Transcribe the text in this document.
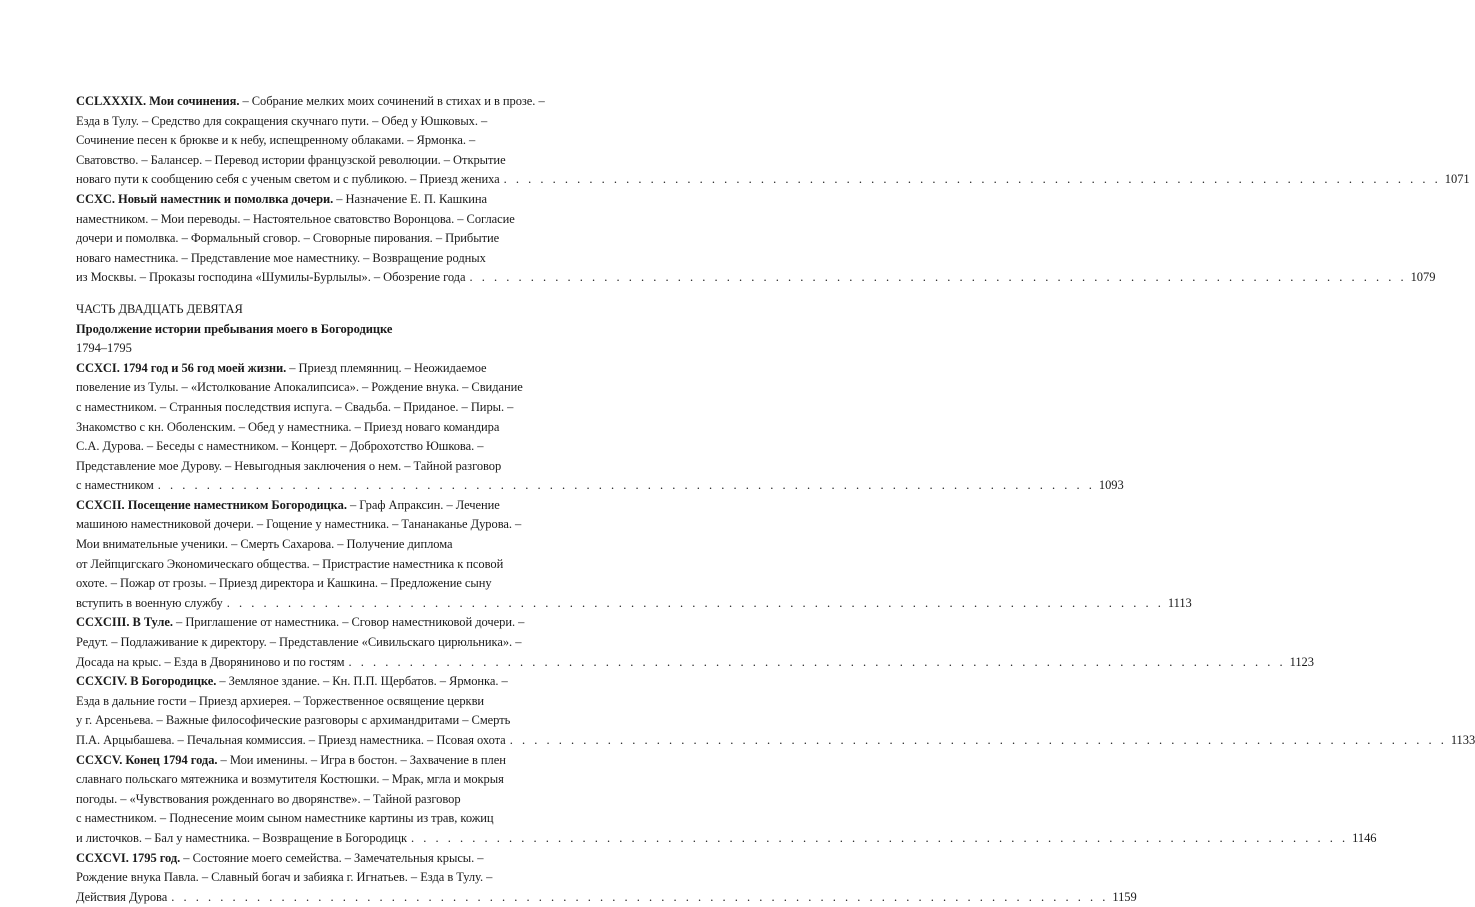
CCLXXXIX. Мои сочинения. – Собрание мелких моих сочинений в стихах и в прозе. –
Езда в Тулу. – Средство для сокращения скучнаго пути. – Обед у Юшковых. –
Сочинение песен к брюкве и к небу, испещренному облаками. – Ярмонка. –
Сватовство. – Балансер. – Перевод истории французской революции. – Открытие
новаго пути к сообщению себя с ученым светом и с публикою. – Приезд жениха . . . . . . . . . . . . . . . . . . . . . . . . . . . . . . . . . . . . . . . . . . . . . . . . . . . . . . . . . . . . . . . . . . . . . . . . . . . . . 1071
CCXC. Новый наместник и помолвка дочери. – Назначение Е. П. Кашкина
наместником. – Мои переводы. – Настоятельное сватовство Воронцова. – Согласие
дочери и помолвка. – Формальный сговор. – Сговорные пирования. – Прибытие
новаго наместника. – Представление мое наместнику. – Возвращение родных
из Москвы. – Проказы господина «Шумилы-Бурлылы». – Обозрение года . . . . . . . . . . . . . . . . . . . . . . . . . . . . . . . . . . . . . . . . . . . . . . . . . . . . . . . . . . . . . . . . . . . . . . . . . . . . . 1079
ЧАСТЬ ДВАДЦАТЬ ДЕВЯТАЯ
Продолжение истории пребывания моего в Богородицке
1794–1795
CCXCI. 1794 год и 56 год моей жизни. – Приезд племянниц. – Неожидаемое
повеление из Тулы. – «Истолкование Апокалипсиса». – Рождение внука. – Свидание
с наместником. – Странныя последствия испуга. – Свадьба. – Приданое. – Пиры. –
Знакомство с кн. Оболенским. – Обед у наместника. – Приезд новаго командира
С.А. Дурова. – Беседы с наместником. – Концерт. – Доброхотство Юшкова. –
Представление мое Дурову. – Невыгодныя заключения о нем. – Тайной разговор
с наместником . . . . . . . . . . . . . . . . . . . . . . . . . . . . . . . . . . . . . . . . . . . . . . . . . . . . . . . . . . . . . . . . . . . . . . . . . . . . . 1093
CCXCII. Посещение наместником Богородицка. – Граф Апраксин. – Лечение
машиною наместниковой дочери. – Гощение у наместника. – Тананаканье Дурова. –
Мои внимательные ученики. – Смерть Сахарова. – Получение диплома
от Лейпцигскаго Экономическаго общества. – Пристрастие наместника к псовой
охоте. – Пожар от грозы. – Приезд директора и Кашкина. – Предложение сыну
вступить в военную службу . . . . . . . . . . . . . . . . . . . . . . . . . . . . . . . . . . . . . . . . . . . . . . . . . . . . . . . . . . . . . . . . . . . . . . . . . . . . . 1113
CCXCIII. В Туле. – Приглашение от наместника. – Сговор наместниковой дочери. –
Редут. – Подлаживание к директору. – Представление «Сивильскаго цирюльника». –
Досада на крыс. – Езда в Дворяниново и по гостям . . . . . . . . . . . . . . . . . . . . . . . . . . . . . . . . . . . . . . . . . . . . . . . . . . . . . . . . . . . . . . . . . . . . . . . . . . . . . 1123
CCXCIV. В Богородицке. – Земляное здание. – Кн. П.П. Щербатов. – Ярмонка. –
Езда в дальние гости – Приезд архиерея. – Торжественное освящение церкви
у г. Арсеньева. – Важные философические разговоры с архимандритами – Смерть
П.А. Арцыбашева. – Печальная коммиссия. – Приезд наместника. – Псовая охота . . . . . . . . . . . . . . . . . . . . . . . . . . . . . . . . . . . . . . . . . . . . . . . . . . . . . . . . . . . . . . . . . . . . . . . . . . . . . 1133
CCXCV. Конец 1794 года. – Мои именины. – Игра в бостон. – Захвачение в плен
славнаго польскаго мятежника и возмутителя Костюшки. – Мрак, мгла и мокрыя
погоды. – «Чувствования рожденнаго во дворянстве». – Тайной разговор
с наместником. – Поднесение моим сыном наместнике картины из трав, кожиц
и листочков. – Бал у наместника. – Возвращение в Богородицк . . . . . . . . . . . . . . . . . . . . . . . . . . . . . . . . . . . . . . . . . . . . . . . . . . . . . . . . . . . . . . . . . . . . . . . . . . . . . 1146
CCXCVI. 1795 год. – Состояние моего семейства. – Замечательныя крысы. –
Рождение внука Павла. – Славный богач и забияка г. Игнатьев. – Езда в Тулу. –
Действия Дурова . . . . . . . . . . . . . . . . . . . . . . . . . . . . . . . . . . . . . . . . . . . . . . . . . . . . . . . . . . . . . . . . . . . . . . . . . . . . . 1159
